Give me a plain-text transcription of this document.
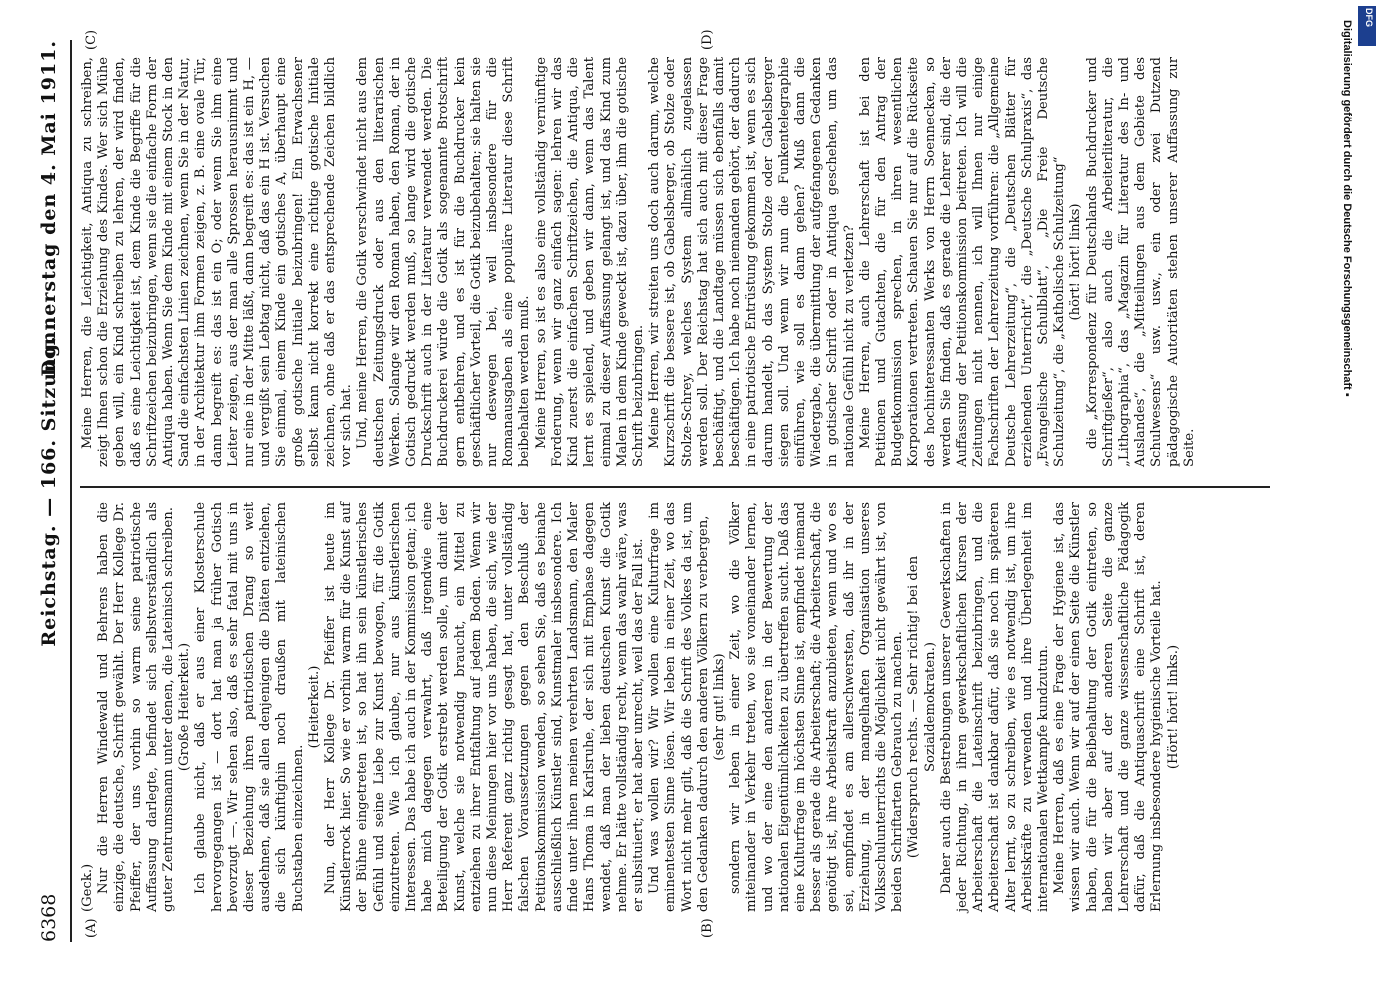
6368
Reichstag. — 166. Sitzung.
Donnerstag den 4. Mai 1911.
(A)	(B)
(C)	(D)

(Geck.) Nur die Herren Windewald und Behrens haben die einzige, die deutsche, Schrift gewählt. Der Herr Kollege Dr. Pfeiffer, der uns vorhin so warm seine patriotische Auffassung darlegte, befindet sich selbstverständlich als guter Zentrumsmann unter denen, die Lateinisch schreiben. (Große Heiterkeit.) Ich glaube nicht, daß er aus einer Klosterschule hervorgegangen ist — dort hat man ja früher Gotisch bevorzugt —. Wir sehen also, daß es sehr fatal mit uns in dieser Beziehung ihren patriotischen Drang so weit ausdehnen, daß sie allen denjenigen die Diäten entziehen, die sich künftighin noch draußen mit lateinischen Buchstaben einzeichnen.

(Heiterkeit.) Nun, der Herr Kollege Dr. Pfeiffer ist heute im Künstlerrock hier. So wie er vorhin warm für die Kunst auf der Bühne eingetreten ist, so hat ihn sein künstlerisches Gefühl und seine Liebe zur Kunst bewogen, für die Gotik einzutreten. Wie ich glaube, nur aus künstlerischen Interessen. Das habe ich auch in der Kommission getan; ich habe mich dagegen verwahrt, daß irgendwie eine Beteiligung der Gotik erstrebt werden solle, um damit der Kunst, welche sie notwendig braucht, ein Mittel zu entziehen zu ihrer Entfaltung auf jedem Boden. Wenn wir nun diese Meinungen hier vor uns haben, die sich, wie der Herr Referent ganz richtig gesagt hat, unter vollständig falschen Voraussetzungen gegen den Beschluß der Petitionskommission wenden, so sehen Sie, daß es beinahe ausschließlich Künstler sind, Kunstmaler insbesondere. Ich finde unter ihnen meinen verehrten Landsmann, den Maler Hans Thoma in Karlsruhe, der sich mit Emphase dagegen wendet, daß man der lieben deutschen Kunst die Gotik nehme. Er hätte vollständig recht, wenn das wahr wäre, was er subsituiert; er hat aber unrecht, weil das der Fall ist. Und was wollen wir? Wir wollen eine Kulturfrage im eminentesten Sinne lösen. Wir leben in einer Zeit, wo das Wort nicht mehr gilt, daß die Schrift des Volkes da ist, um den Gedanken dadurch den anderen Völkern zu verbergen, (sehr gut! links) sondern wir leben in einer Zeit, wo die Völker miteinander in Verkehr treten, wo sie voneinander lernen, und wo der eine den anderen in der Bewertung der nationalen Eigentümlichkeiten zu übertreffen sucht. Daß das eine Kulturfrage im höchsten Sinne ist, empfindet niemand besser als gerade die Arbeiterschaft; die Arbeiterschaft, die genötigt ist, ihre Arbeitskraft anzubieten, wenn und wo es sei, empfindet es am allerschwersten, daß ihr in der Erziehung, in der mangelhaften Organisation unseres Volksschulunterrichts die Möglichkeit nicht gewährt ist, von beiden Schriftarten Gebrauch zu machen. (Widerspruch rechts. — Sehr richtig! bei den Sozialdemokraten.) Daher auch die Bestrebungen unserer Gewerkschaften in jeder Richtung, in ihren gewerkschaftlichen Kursen der Arbeiterschaft die Lateinschrift beizubringen, und die Arbeiterschaft ist dankbar dafür, daß sie noch im späteren Alter lernt, so zu schreiben, wie es notwendig ist, um ihre Arbeitskräfte zu verwenden und ihre Überlegenheit im internationalen Wettkampfe kundzutun. Meine Herren, daß es eine Frage der Hygiene ist, das wissen wir auch. Wenn wir auf der einen Seite die Künstler haben, die für die Beibehaltung der Gotik eintreten, so haben wir aber auf der anderen Seite die ganze Lehrerschaft und die ganze wissenschaftliche Pädagogik dafür, daß die Antiquaschrift eine Schrift ist, deren Erlernung insbesondere hygienische Vorteile hat. (Hört! hört! links.)

Meine Herren, die Leichtigkeit, Antiqua zu schreiben, zeigt Ihnen schon die Erziehung des Kindes. Wer sich Mühe geben will, ein Kind schreiben zu lehren, der wird finden, daß es eine Leichtigkeit ist, dem Kinde die Begriffe für die Schriftzeichen beizubringen, wenn sie die einfache Form der Antiqua haben. Wenn Sie dem Kinde mit einem Stock in den Sand die einfachsten Linien zeichnen, wenn Sie in der Natur, in der Architektur ihm Formen zeigen, z. B. eine ovale Tür, dann begreift es: das ist ein O; oder wenn Sie ihm eine Leiter zeigen, aus der man alle Sprossen herausnimmt und nur eine in der Mitte läßt, dann begreift es: das ist ein H, — und vergißt sein Lebtag nicht, daß das ein H ist. Versuchen Sie einmal, einem Kinde ein gotisches A, überhaupt eine große gotische Initiale beizubringen! Ein Erwachsener selbst kann nicht korrekt eine richtige gotische Initiale zeichnen, ohne daß er das entsprechende Zeichen bildlich vor sich hat. Und, meine Herren, die Gotik verschwindet nicht aus dem deutschen Zeitungsdruck oder aus den literarischen Werken. Solange wir den Roman haben, den Roman, der in Gotisch gedruckt werden muß, so lange wird die gotische Druckschrift auch in der Literatur verwendet werden. Die Buchdruckerei würde die Gotik als sogenannte Brotschrift gern entbehren, und es ist für die Buchdrucker kein geschäftlicher Vorteil, die Gotik beizubehalten; sie halten sie nur deswegen bei, weil insbesondere für die Romanausgaben als eine populäre Literatur diese Schrift beibehalten werden muß. Meine Herren, so ist es also eine vollständig vernünftige Forderung, wenn wir ganz einfach sagen: lehren wir das Kind zuerst die einfachen Schriftzeichen, die Antiqua, die lernt es spielend, und geben wir dann, wenn das Talent einmal zu dieser Auffassung gelangt ist, und das Kind zum Malen in dem Kinde geweckt ist, dazu über, ihm die gotische Schrift beizubringen. Meine Herren, wir streiten uns doch auch darum, welche Kurzschrift die bessere ist, ob Gabelsberger, ob Stolze oder Stolze-Schrey, welches System allmählich zugelassen werden soll. Der Reichstag hat sich auch mit dieser Frage beschäftigt, und die Landtage müssen sich ebenfalls damit beschäftigen. Ich habe noch niemanden gehört, der dadurch in eine patriotische Entrüstung gekommen ist, wenn es sich darum handelt, ob das System Stolze oder Gabelsberger siegen soll. Und wenn wir nun die Funkentelegraphie einführen, wie soll es dann gehen? Muß dann die Wiedergabe, die übermittlung der aufgefangenen Gedanken in gotischer Schrift oder in Antiqua geschehen, um das nationale Gefühl nicht zu verletzen? Meine Herren, auch die Lehrerschaft ist bei den Petitionen und Gutachten, die für den Antrag der Budgetkommission sprechen, in ihren wesentlichen Korporationen vertreten. Schauen Sie nur auf die Rückseite des hochinteressanten Werks von Herrn Soennecken, so werden Sie finden, daß es gerade die Lehrer sind, die der Auffassung der Petitionskommission beitreten. Ich will die Zeitungen nicht nennen, ich will Ihnen nur einige Fachschriften der Lehrerzeitung vorführen: die „Allgemeine Deutsche Lehrerzeitung“, die „Deutschen Blätter für erziehenden Unterricht“, die „Deutsche Schulpraxis“, das „Evangelische Schulblatt“, „Die Freie Deutsche Schulzeitung“, die „Katholische Schulzeitung“ (hört! hört! links) die „Korrespondenz für Deutschlands Buchdrucker und Schriftgießer“, also auch die Arbeiterliteratur, die „Lithographia“, das „Magazin für Literatur des In- und Auslandes“, die „Mitteilungen aus dem Gebiete des Schulwesens“ usw. usw., ein oder zwei Dutzend pädagogische Autoritäten stehen unserer Auffassung zur Seite.

Digitalisierung gefördert durch die Deutsche Forschungsgemeinschaft ▪
DFG
